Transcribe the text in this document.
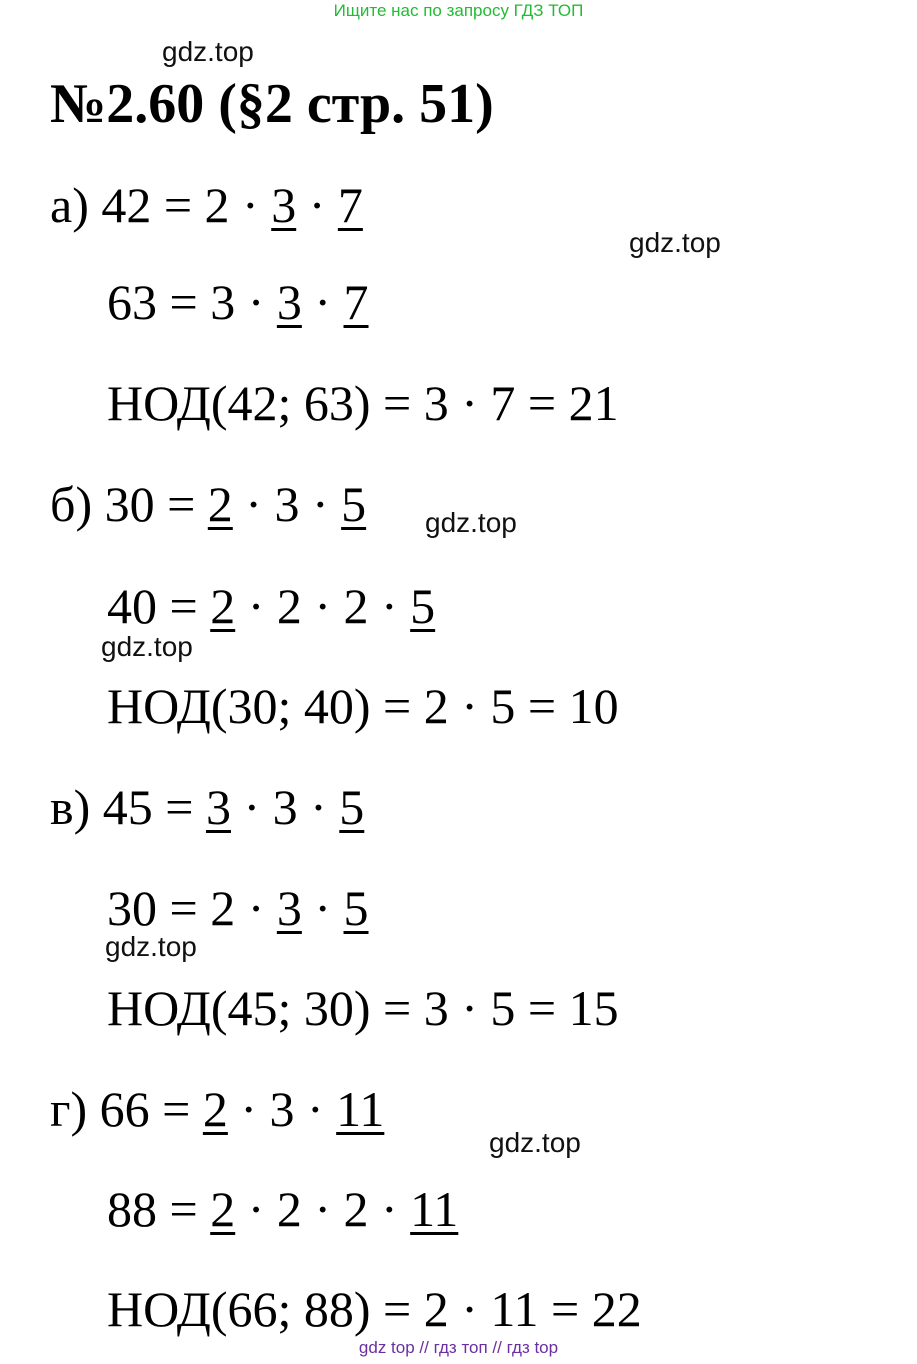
Ищите нас по запросу ГДЗ ТОП
gdz.top
gdz.top
gdz.top
gdz.top
gdz.top
gdz.top
№2.60 (§2 стр. 51)
а) 42 = 2 · 3 · 7
63 = 3 · 3 · 7
НОД(42; 63) = 3 · 7 = 21
б) 30 = 2 · 3 · 5
40 = 2 · 2 · 2 · 5
НОД(30; 40) = 2 · 5 = 10
в) 45 = 3 · 3 · 5
30 = 2 · 3 · 5
НОД(45; 30) = 3 · 5 = 15
г) 66 = 2 · 3 · 11
88 = 2 · 2 · 2 · 11
НОД(66; 88) = 2 · 11 = 22
gdz top // гдз топ // гдз top
